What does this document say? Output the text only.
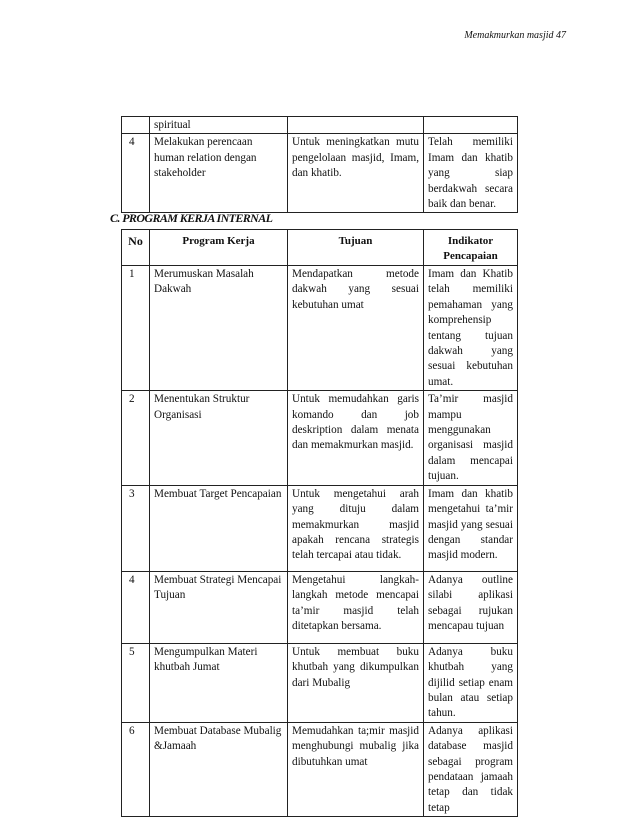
Memakmurkan masjid 47
	spiritual		
4	Melakukan perencaan human relation dengan stakeholder	Untuk meningkatkan mutu pengelolaan masjid, Imam, dan khatib.	Telah memiliki Imam dan khatib yang siap berdakwah secara baik dan benar.
C. PROGRAM KERJA INTERNAL
No	Program Kerja	Tujuan	Indikator Pencapaian
1	Merumuskan Masalah Dakwah	Mendapatkan metode dakwah yang sesuai kebutuhan umat	Imam dan Khatib telah memiliki pemahaman yang komprehensip tentang tujuan dakwah yang sesuai kebutuhan umat.
2	Menentukan Struktur Organisasi	Untuk memudahkan garis komando dan job deskription dalam menata dan memakmurkan masjid.	Ta’mir masjid mampu menggunakan organisasi masjid dalam mencapai tujuan.
3	Membuat Target Pencapaian	Untuk mengetahui arah yang dituju dalam memakmurkan masjid apakah rencana strategis telah tercapai atau tidak.	Imam dan khatib mengetahui ta’mir masjid yang sesuai dengan standar masjid modern.
4	Membuat Strategi Mencapai Tujuan	Mengetahui langkah-langkah metode mencapai ta’mir masjid telah ditetapkan bersama.	Adanya outline silabi aplikasi sebagai rujukan mencapau tujuan
5	Mengumpulkan Materi khutbah Jumat	Untuk membuat buku khutbah yang dikumpulkan dari Mubalig	Adanya buku khutbah yang dijilid setiap enam bulan atau setiap tahun.
6	Membuat Database Mubalig &Jamaah	Memudahkan ta;mir masjid menghubungi mubalig jika dibutuhkan umat	Adanya aplikasi database masjid sebagai program pendataan jamaah tetap dan tidak tetap
